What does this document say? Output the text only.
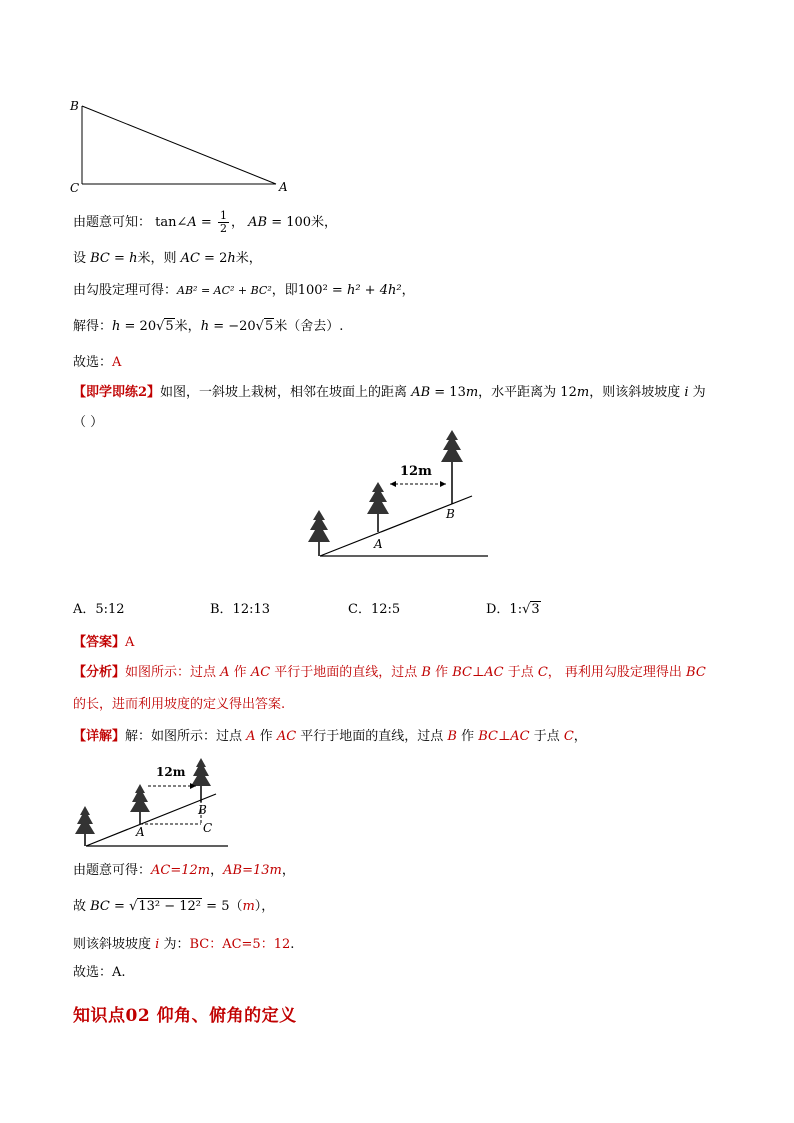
B
C	A
由题意可知： tan∠A = $\frac{1}{2}$ ， AB = 100米，
设 BC = h米，则 AC = 2h米，
由勾股定理可得：AB² = AC² + BC²，即100² = h² + 4h²，
解得：h = 20√5米，h = −20√5米（舍去）.
故选：A
【即学即练2】如图，一斜坡上栽树，相邻在坡面上的距离 AB = 13m，水平距离为 12m，则该斜坡坡度 i 为
（ ）
12m
A
B
A．5:12	B．12:13	C．12:5	D．1:√3
【答案】A
【分析】如图所示：过点 A 作 AC 平行于地面的直线，过点 B 作 BC⊥AC 于点 C， 再利用勾股定理得出 BC
的长，进而利用坡度的定义得出答案.
【详解】解：如图所示：过点 A 作 AC 平行于地面的直线，过点 B 作 BC⊥AC 于点 C，
12m
A
B
C
由题意可得：AC=12m，AB=13m，
故 BC = √13² − 12² = 5（m），
则该斜坡坡度 i 为：BC：AC=5：12.
故选：A.
知识点02 仰角、俯角的定义
